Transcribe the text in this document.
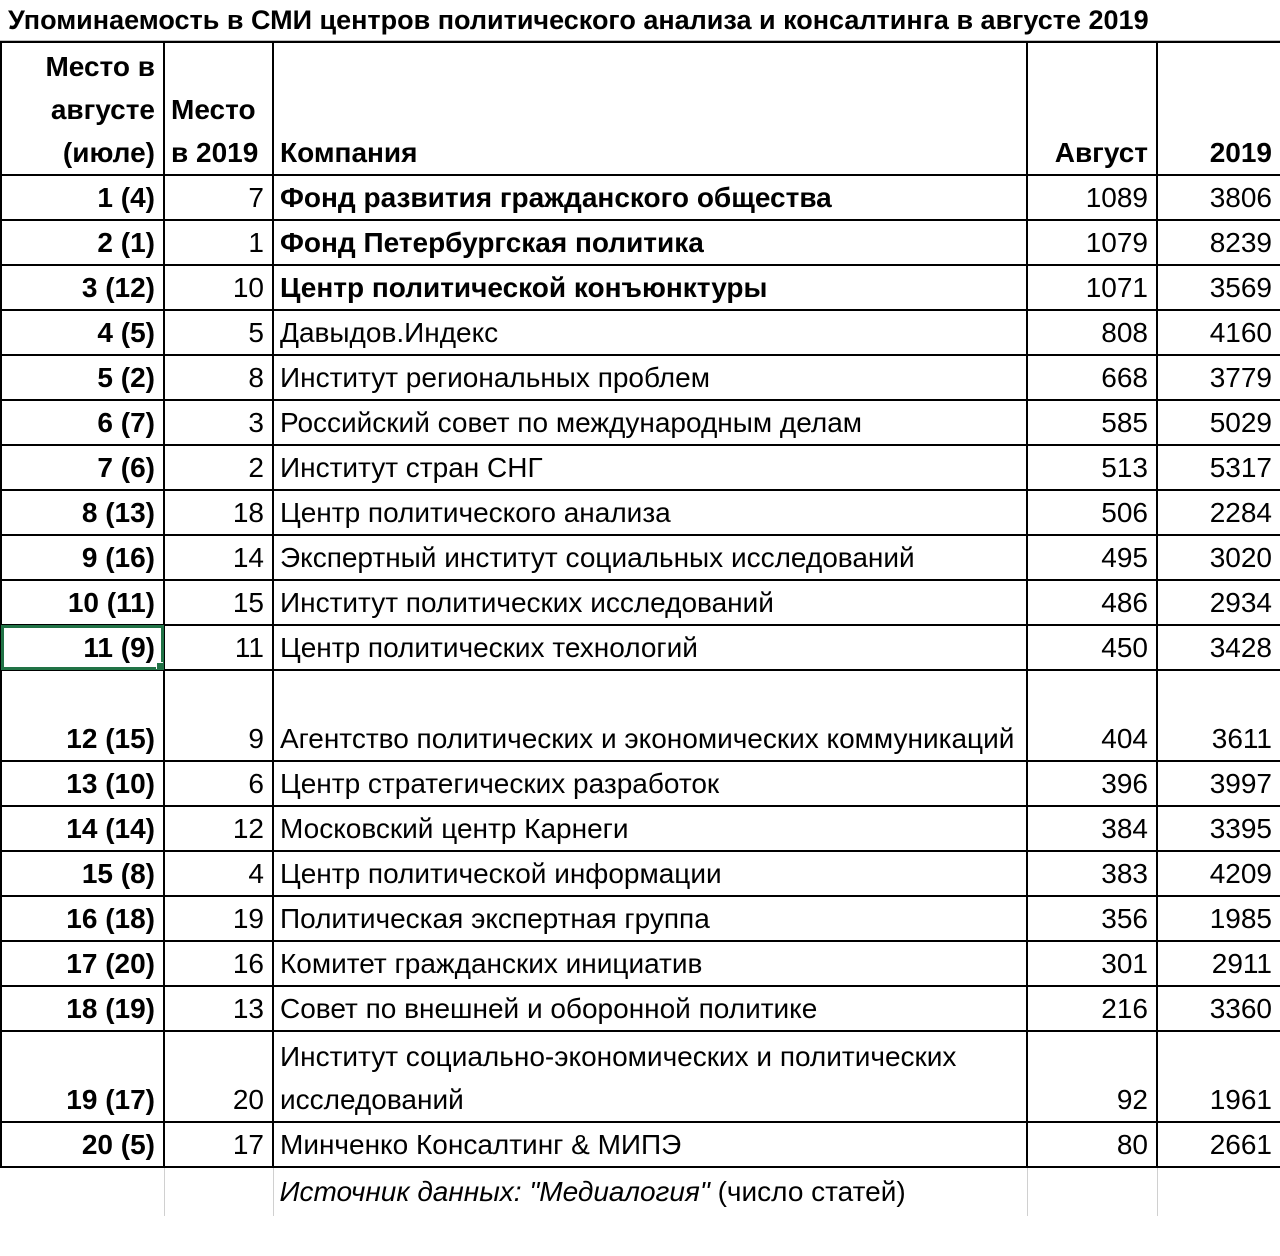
Упоминаемость в СМИ центров политического анализа и консалтинга в августе 2019
Место в
августе
(июле)	Место
в 2019	Компания	Август	2019
1 (4)	7	Фонд развития гражданского общества	1089	3806
2 (1)	1	Фонд Петербургская политика	1079	8239
3 (12)	10	Центр политической конъюнктуры	1071	3569
4 (5)	5	Давыдов.Индекс	808	4160
5 (2)	8	Институт региональных проблем	668	3779
6 (7)	3	Российский совет по международным делам	585	5029
7 (6)	2	Институт стран СНГ	513	5317
8 (13)	18	Центр политического анализа	506	2284
9 (16)	14	Экспертный институт социальных исследований	495	3020
10 (11)	15	Институт политических исследований	486	2934
11 (9)	11	Центр политических технологий	450	3428
12 (15)	9	Агентство политических и экономических коммуникаций	404	3611
13 (10)	6	Центр стратегических разработок	396	3997
14 (14)	12	Московский центр Карнеги	384	3395
15 (8)	4	Центр политической информации	383	4209
16 (18)	19	Политическая экспертная группа	356	1985
17 (20)	16	Комитет гражданских инициатив	301	2911
18 (19)	13	Совет по внешней и оборонной политике	216	3360
19 (17)	20	Институт социально-экономических и политических исследований	92	1961
20 (5)	17	Минченко Консалтинг & МИПЭ	80	2661
		Источник данных: "Медиалогия" (число статей)		
